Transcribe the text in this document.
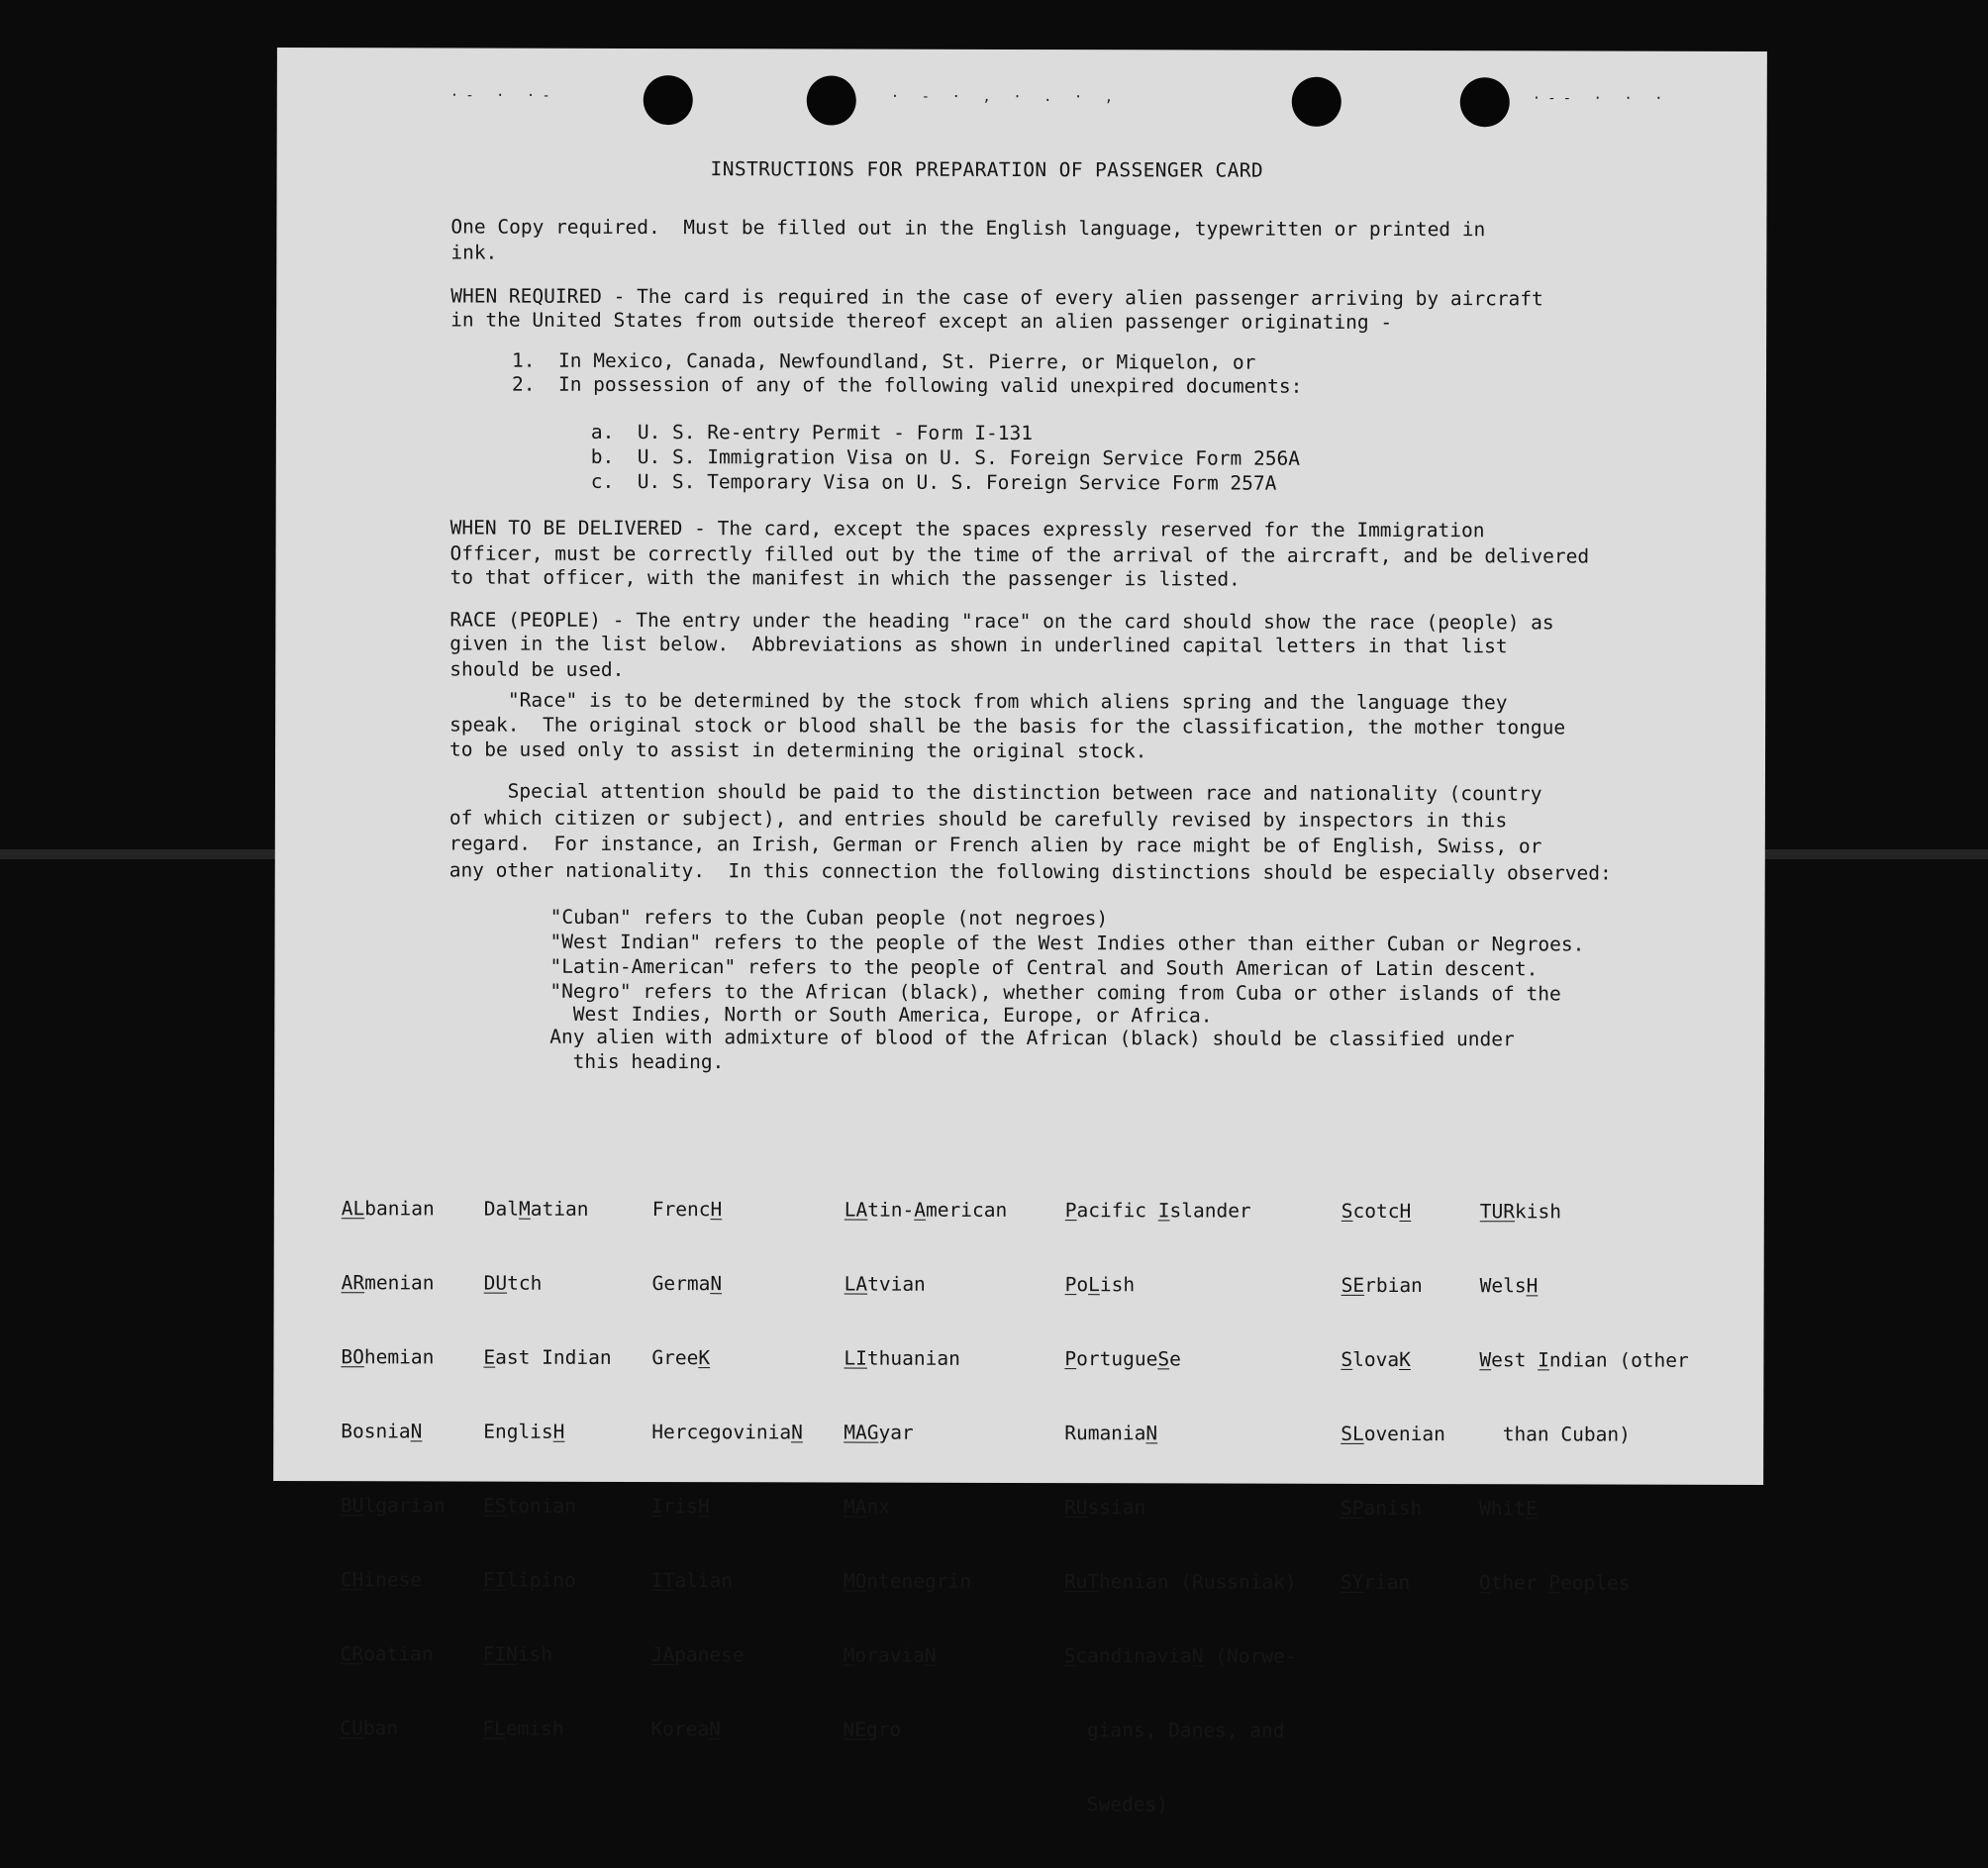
·- · ·-	· - · , · . · ,	·-- · · ·
INSTRUCTIONS FOR PREPARATION OF PASSENGER CARD
One Copy required.  Must be filled out in the English language, typewritten or printed in
ink.
WHEN REQUIRED - The card is required in the case of every alien passenger arriving by aircraft
in the United States from outside thereof except an alien passenger originating -
1.  In Mexico, Canada, Newfoundland, St. Pierre, or Miquelon, or
2.  In possession of any of the following valid unexpired documents:
a.  U. S. Re-entry Permit - Form I-131
b.  U. S. Immigration Visa on U. S. Foreign Service Form 256A
c.  U. S. Temporary Visa on U. S. Foreign Service Form 257A
WHEN TO BE DELIVERED - The card, except the spaces expressly reserved for the Immigration
Officer, must be correctly filled out by the time of the arrival of the aircraft, and be delivered
to that officer, with the manifest in which the passenger is listed.
RACE (PEOPLE) - The entry under the heading "race" on the card should show the race (people) as
given in the list below.  Abbreviations as shown in underlined capital letters in that list
should be used.
"Race" is to be determined by the stock from which aliens spring and the language they
speak.  The original stock or blood shall be the basis for the classification, the mother tongue
to be used only to assist in determining the original stock.
Special attention should be paid to the distinction between race and nationality (country
of which citizen or subject), and entries should be carefully revised by inspectors in this
regard.  For instance, an Irish, German or French alien by race might be of English, Swiss, or
any other nationality.  In this connection the following distinctions should be especially observed:
"Cuban" refers to the Cuban people (not negroes)
"West Indian" refers to the people of the West Indies other than either Cuban or Negroes.
"Latin-American" refers to the people of Central and South American of Latin descent.
"Negro" refers to the African (black), whether coming from Cuba or other islands of the
West Indies, North or South America, Europe, or Africa.
Any alien with admixture of blood of the African (black) should be classified under
this heading.

ALbanian

ARmenian

BOhemian

BosniaN

BUlgarian

CHinese

CRoatian

CUban

DalMatian

DUtch

East Indian

EnglisH

EStonian

FIlipino

FINish

FLemish

FrencH

GermaN

GreeK

HercegoviniaN

IrisH

ITalian

JApanese

KoreaN

LAtin-American

LAtvian

LIthuanian

MAGyar

MAnx

MOntenegrin

MoraviaN

NEgro

Pacific Islander

PoLish

PortugueSe

RumaniaN

RUssian

RuThenian (Russniak)

ScandinaviaN (Norwe-

gians, Danes, and

Swedes)

ScotcH

SErbian

SlovaK

SLovenian

SPanish

SYrian

TURkish

WelsH

West Indian (other

than Cuban)

WhitE

Other Peoples
